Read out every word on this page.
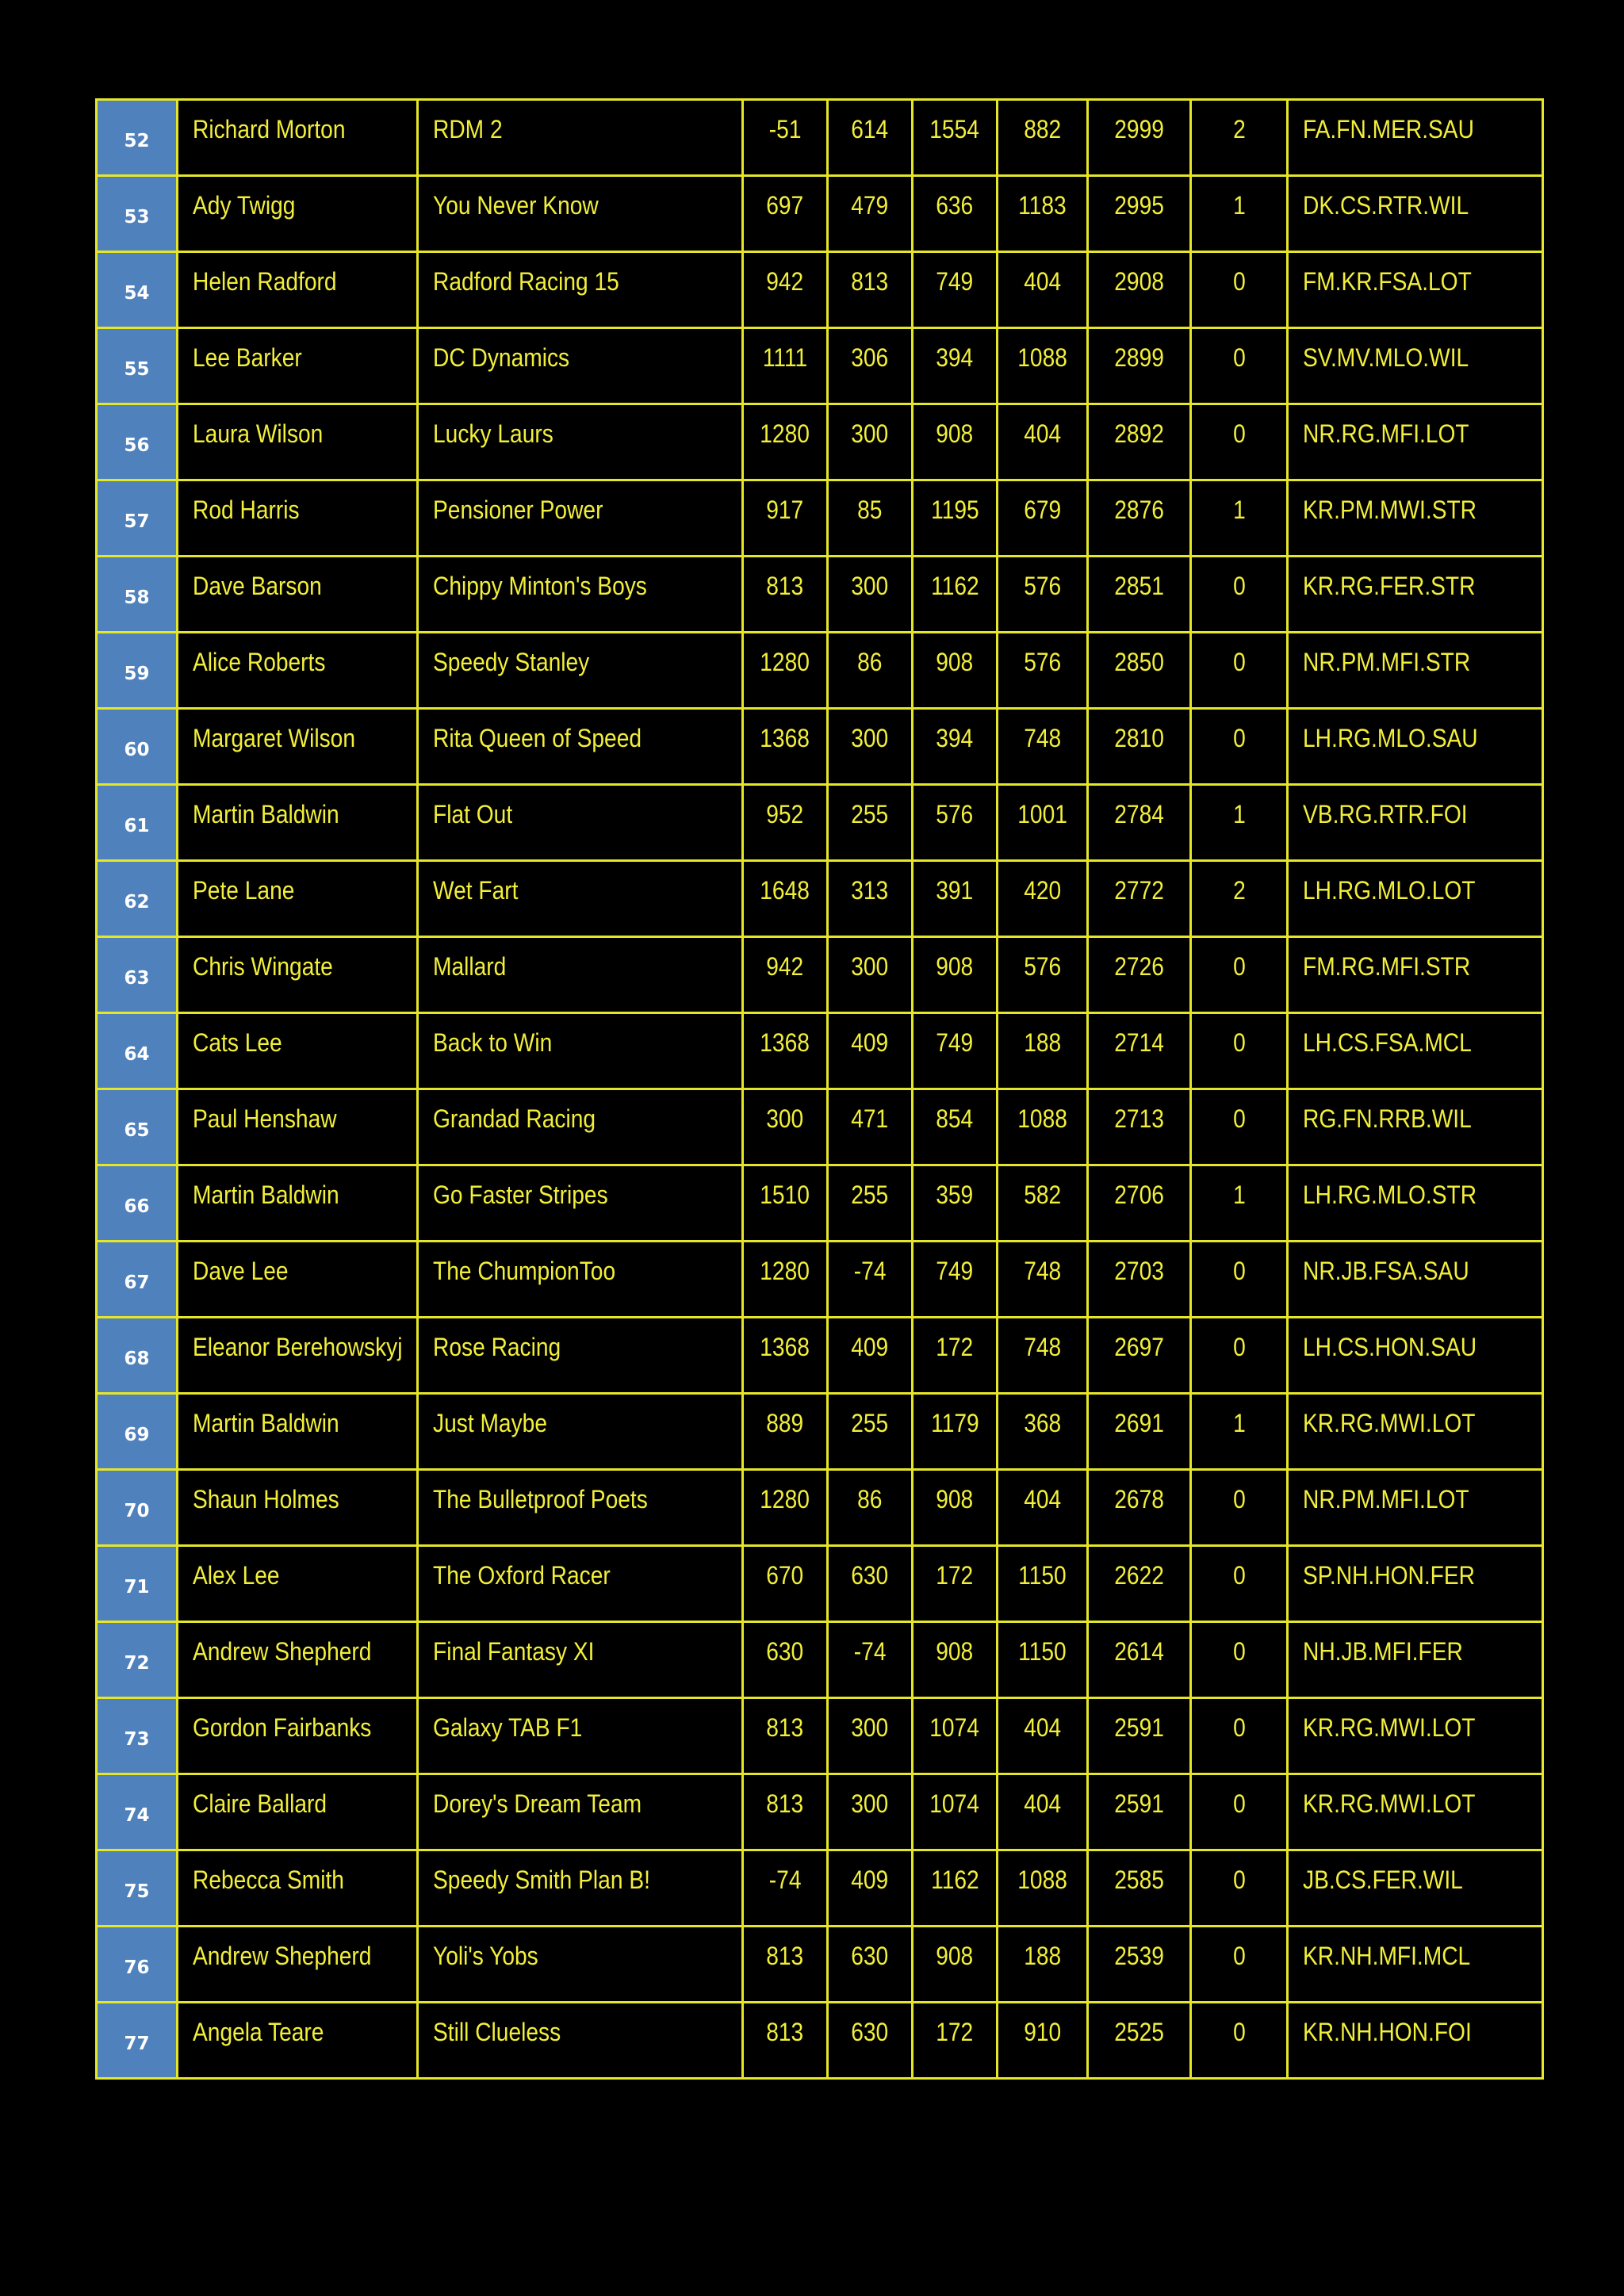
52	Richard Morton	RDM 2	-51	614	1554	882	2999	2	FA.FN.MER.SAU
53	Ady Twigg	You Never Know	697	479	636	1183	2995	1	DK.CS.RTR.WIL
54	Helen Radford	Radford Racing 15	942	813	749	404	2908	0	FM.KR.FSA.LOT
55	Lee Barker	DC Dynamics	1111	306	394	1088	2899	0	SV.MV.MLO.WIL
56	Laura Wilson	Lucky Laurs	1280	300	908	404	2892	0	NR.RG.MFI.LOT
57	Rod Harris	Pensioner Power	917	85	1195	679	2876	1	KR.PM.MWI.STR
58	Dave Barson	Chippy Minton's Boys	813	300	1162	576	2851	0	KR.RG.FER.STR
59	Alice Roberts	Speedy Stanley	1280	86	908	576	2850	0	NR.PM.MFI.STR
60	Margaret Wilson	Rita Queen of Speed	1368	300	394	748	2810	0	LH.RG.MLO.SAU
61	Martin Baldwin	Flat Out	952	255	576	1001	2784	1	VB.RG.RTR.FOI
62	Pete Lane	Wet Fart	1648	313	391	420	2772	2	LH.RG.MLO.LOT
63	Chris Wingate	Mallard	942	300	908	576	2726	0	FM.RG.MFI.STR
64	Cats Lee	Back to Win	1368	409	749	188	2714	0	LH.CS.FSA.MCL
65	Paul Henshaw	Grandad Racing	300	471	854	1088	2713	0	RG.FN.RRB.WIL
66	Martin Baldwin	Go Faster Stripes	1510	255	359	582	2706	1	LH.RG.MLO.STR
67	Dave Lee	The ChumpionToo	1280	-74	749	748	2703	0	NR.JB.FSA.SAU
68	Eleanor Berehowskyj	Rose Racing	1368	409	172	748	2697	0	LH.CS.HON.SAU
69	Martin Baldwin	Just Maybe	889	255	1179	368	2691	1	KR.RG.MWI.LOT
70	Shaun Holmes	The Bulletproof Poets	1280	86	908	404	2678	0	NR.PM.MFI.LOT
71	Alex Lee	The Oxford Racer	670	630	172	1150	2622	0	SP.NH.HON.FER
72	Andrew Shepherd	Final Fantasy XI	630	-74	908	1150	2614	0	NH.JB.MFI.FER
73	Gordon Fairbanks	Galaxy TAB F1	813	300	1074	404	2591	0	KR.RG.MWI.LOT
74	Claire Ballard	Dorey's Dream Team	813	300	1074	404	2591	0	KR.RG.MWI.LOT
75	Rebecca Smith	Speedy Smith Plan B!	-74	409	1162	1088	2585	0	JB.CS.FER.WIL
76	Andrew Shepherd	Yoli's Yobs	813	630	908	188	2539	0	KR.NH.MFI.MCL
77	Angela Teare	Still Clueless	813	630	172	910	2525	0	KR.NH.HON.FOI
